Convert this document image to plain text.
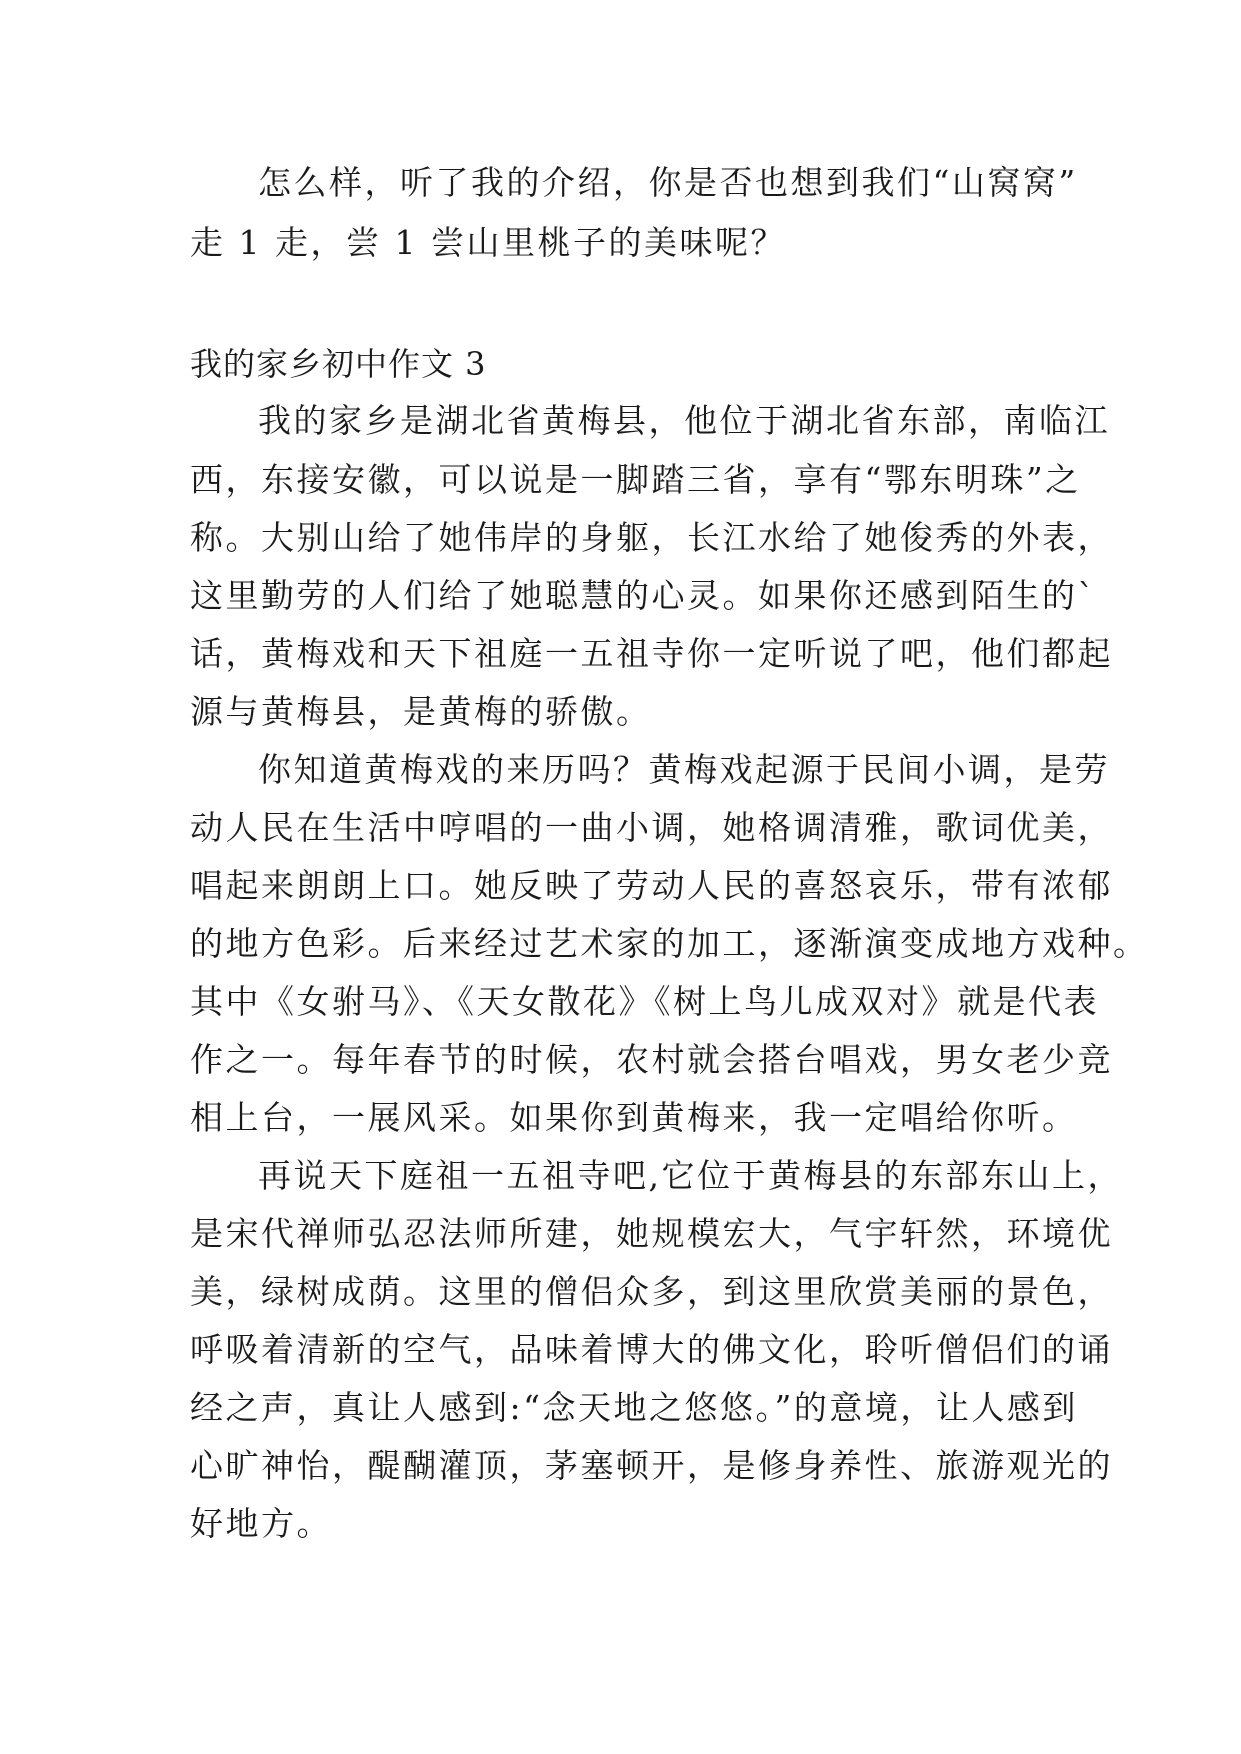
怎么样，听了我的介绍，你是否也想到我们“山窝窝”
走 1 走，尝 1 尝山里桃子的美味呢？
我的家乡初中作文 3
我的家乡是湖北省黄梅县，他位于湖北省东部，南临江
西，东接安徽，可以说是一脚踏三省，享有“鄂东明珠”之
称。大别山给了她伟岸的身躯，长江水给了她俊秀的外表，
这里勤劳的人们给了她聪慧的心灵。如果你还感到陌生的`
话，黄梅戏和天下祖庭一五祖寺你一定听说了吧，他们都起
源与黄梅县，是黄梅的骄傲。
你知道黄梅戏的来历吗？黄梅戏起源于民间小调，是劳
动人民在生活中哼唱的一曲小调，她格调清雅，歌词优美，
唱起来朗朗上口。她反映了劳动人民的喜怒哀乐，带有浓郁
的地方色彩。后来经过艺术家的加工，逐渐演变成地方戏种。
其中《女驸马》、《天女散花》《树上鸟儿成双对》就是代表
作之一。每年春节的时候，农村就会搭台唱戏，男女老少竞
相上台，一展风采。如果你到黄梅来，我一定唱给你听。
再说天下庭祖一五祖寺吧,它位于黄梅县的东部东山上，
是宋代禅师弘忍法师所建，她规模宏大，气宇轩然，环境优
美，绿树成荫。这里的僧侣众多，到这里欣赏美丽的景色，
呼吸着清新的空气，品味着博大的佛文化，聆听僧侣们的诵
经之声，真让人感到:“念天地之悠悠。”的意境，让人感到
心旷神怡，醍醐灌顶，茅塞顿开，是修身养性、旅游观光的
好地方。
